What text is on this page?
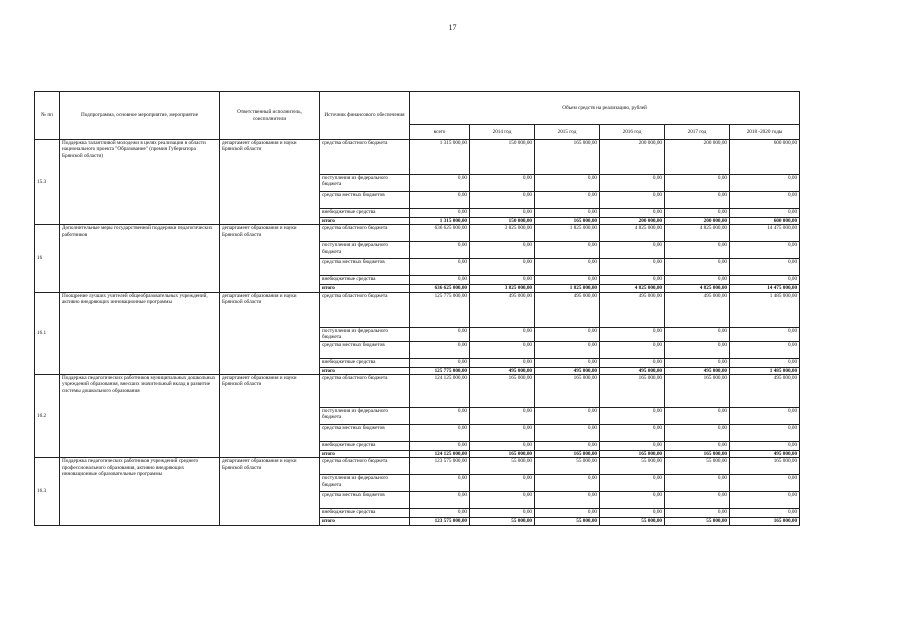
17
№ пп	Подпрограмма, основное мероприятие, мероприятие	Ответственный исполнитель, соисполнители	Источник финансового обеспечения	Объем средств на реализацию, рублей					
				всего	2014 год	2015 год	2016 год	2017 год	2018 -2020 годы
15.3	Поддержка талантливой молодежи в целях реализации в области национального проекта "Образование" (премия Губернатора Брянской области)	департамент образования и науки Брянской области	средства областного бюджета	1 315 000,00	150 000,00	165 000,00	200 000,00	200 000,00	600 000,00
			поступления из федерального бюджета	0,00	0,00	0,00	0,00	0,00	0,00
			средства местных бюджетов	0,00	0,00	0,00	0,00	0,00	0,00
			внебюджетные средства	0,00	0,00	0,00	0,00	0,00	0,00
			итого	1 315 000,00	150 000,00	165 000,00	200 000,00	200 000,00	600 000,00
16	Дополнительные меры государственной поддержки педагогических работников	департамент образования и науки Брянской области	средства областного бюджета	636 625 000,00	3 825 000,00	1 825 000,00	4 825 000,00	4 825 000,00	14 475 000,00
			поступления из федерального бюджета	0,00	0,00	0,00	0,00	0,00	0,00
			средства местных бюджетов	0,00	0,00	0,00	0,00	0,00	0,00
			внебюджетные средства	0,00	0,00	0,00	0,00	0,00	0,00
			итого	636 625 000,00	3 825 000,00	1 825 000,00	4 825 000,00	4 825 000,00	14 475 000,00
16.1	Поощрение лучших учителей общеобразовательных учреждений, активно внедряющих инновационные программы	департамент образования и науки Брянской области	средства областного бюджета	125 775 000,00	495 000,00	495 000,00	495 000,00	495 000,00	1 485 000,00
			поступления из федерального бюджета	0,00	0,00	0,00	0,00	0,00	0,00
			средства местных бюджетов	0,00	0,00	0,00	0,00	0,00	0,00
			внебюджетные средства	0,00	0,00	0,00	0,00	0,00	0,00
			итого	125 775 000,00	495 000,00	495 000,00	495 000,00	495 000,00	1 485 000,00
16.2	Поддержка педагогических работников муниципальных дошкольных учреждений образования, внесших значительный вклад в развитие системы дошкольного образования	департамент образования и науки Брянской области	средства областного бюджета	124 125 000,00	165 000,00	165 000,00	165 000,00	165 000,00	495 000,00
			поступления из федерального бюджета	0,00	0,00	0,00	0,00	0,00	0,00
			средства местных бюджетов	0,00	0,00	0,00	0,00	0,00	0,00
			внебюджетные средства	0,00	0,00	0,00	0,00	0,00	0,00
			итого	124 125 000,00	165 000,00	165 000,00	165 000,00	165 000,00	495 000,00
16.3	Поддержка педагогических работников учреждений среднего профессионального образования, активно внедряющих инновационные образовательные программы	департамент образования и науки Брянской области	средства областного бюджета	123 575 000,00	55 000,00	55 000,00	55 000,00	55 000,00	165 000,00
			поступления из федерального бюджета	0,00	0,00	0,00	0,00	0,00	0,00
			средства местных бюджетов	0,00	0,00	0,00	0,00	0,00	0,00
			внебюджетные средства	0,00	0,00	0,00	0,00	0,00	0,00
			итого	123 575 000,00	55 000,00	55 000,00	55 000,00	55 000,00	165 000,00
